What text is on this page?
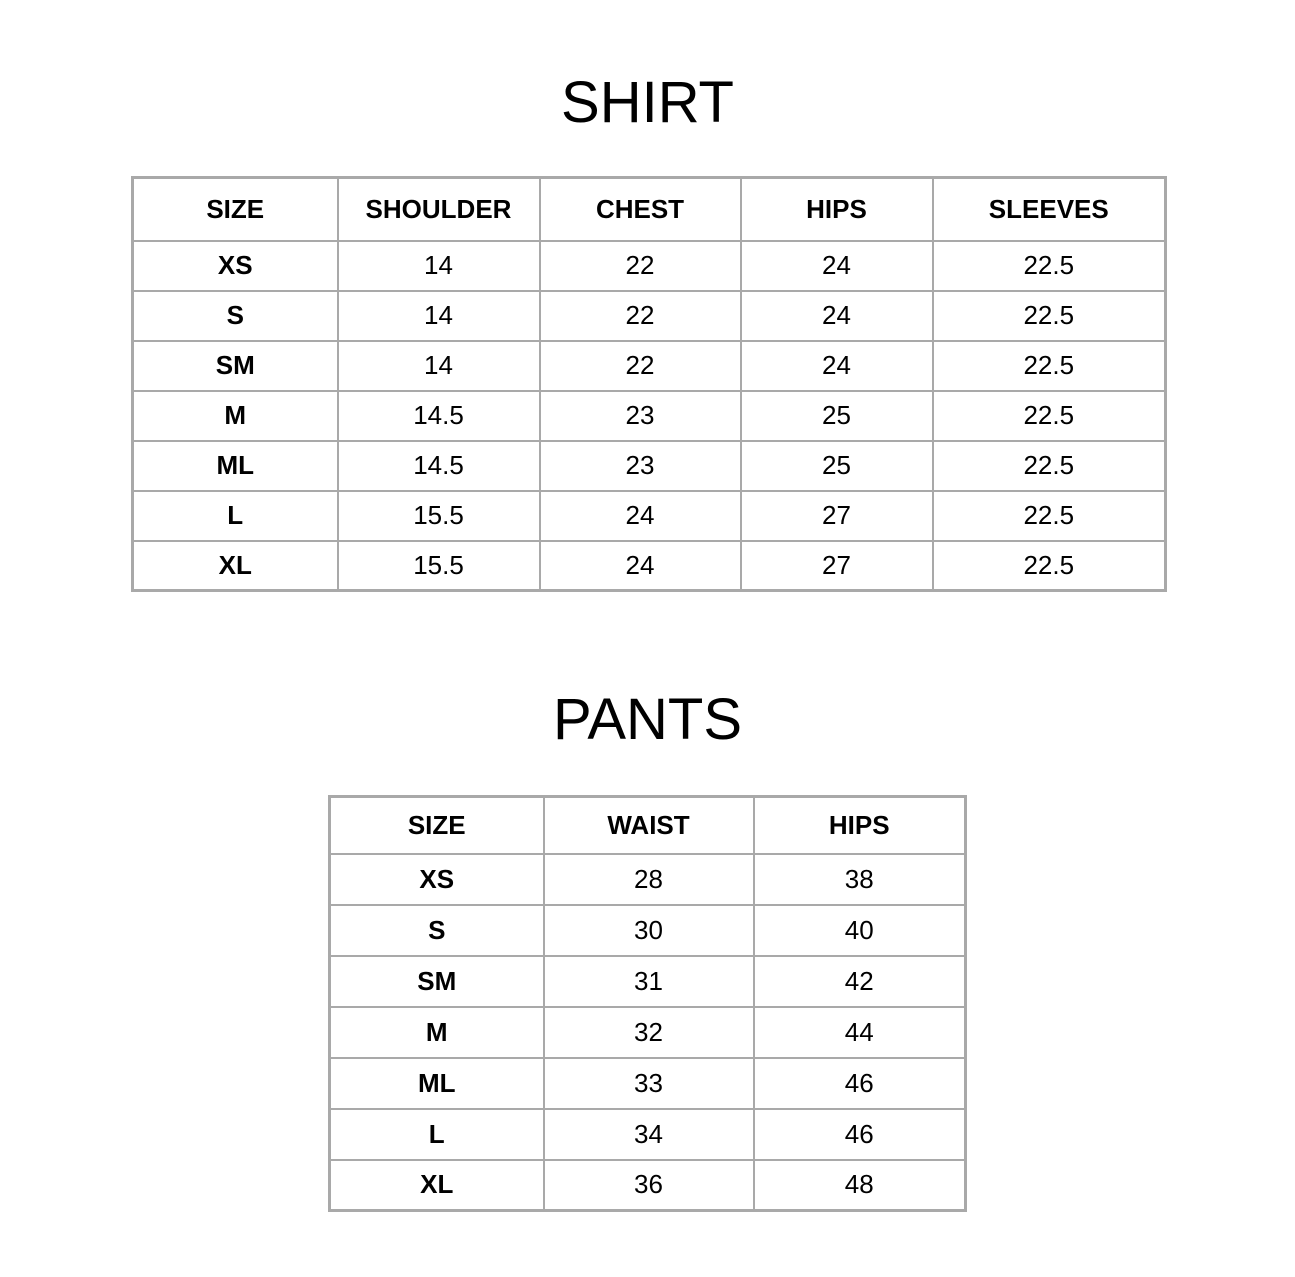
SHIRT
SIZE	SHOULDER	CHEST	HIPS	SLEEVES
XS	14	22	24	22.5
S	14	22	24	22.5
SM	14	22	24	22.5
M	14.5	23	25	22.5
ML	14.5	23	25	22.5
L	15.5	24	27	22.5
XL	15.5	24	27	22.5
PANTS
SIZE	WAIST	HIPS
XS	28	38
S	30	40
SM	31	42
M	32	44
ML	33	46
L	34	46
XL	36	48
